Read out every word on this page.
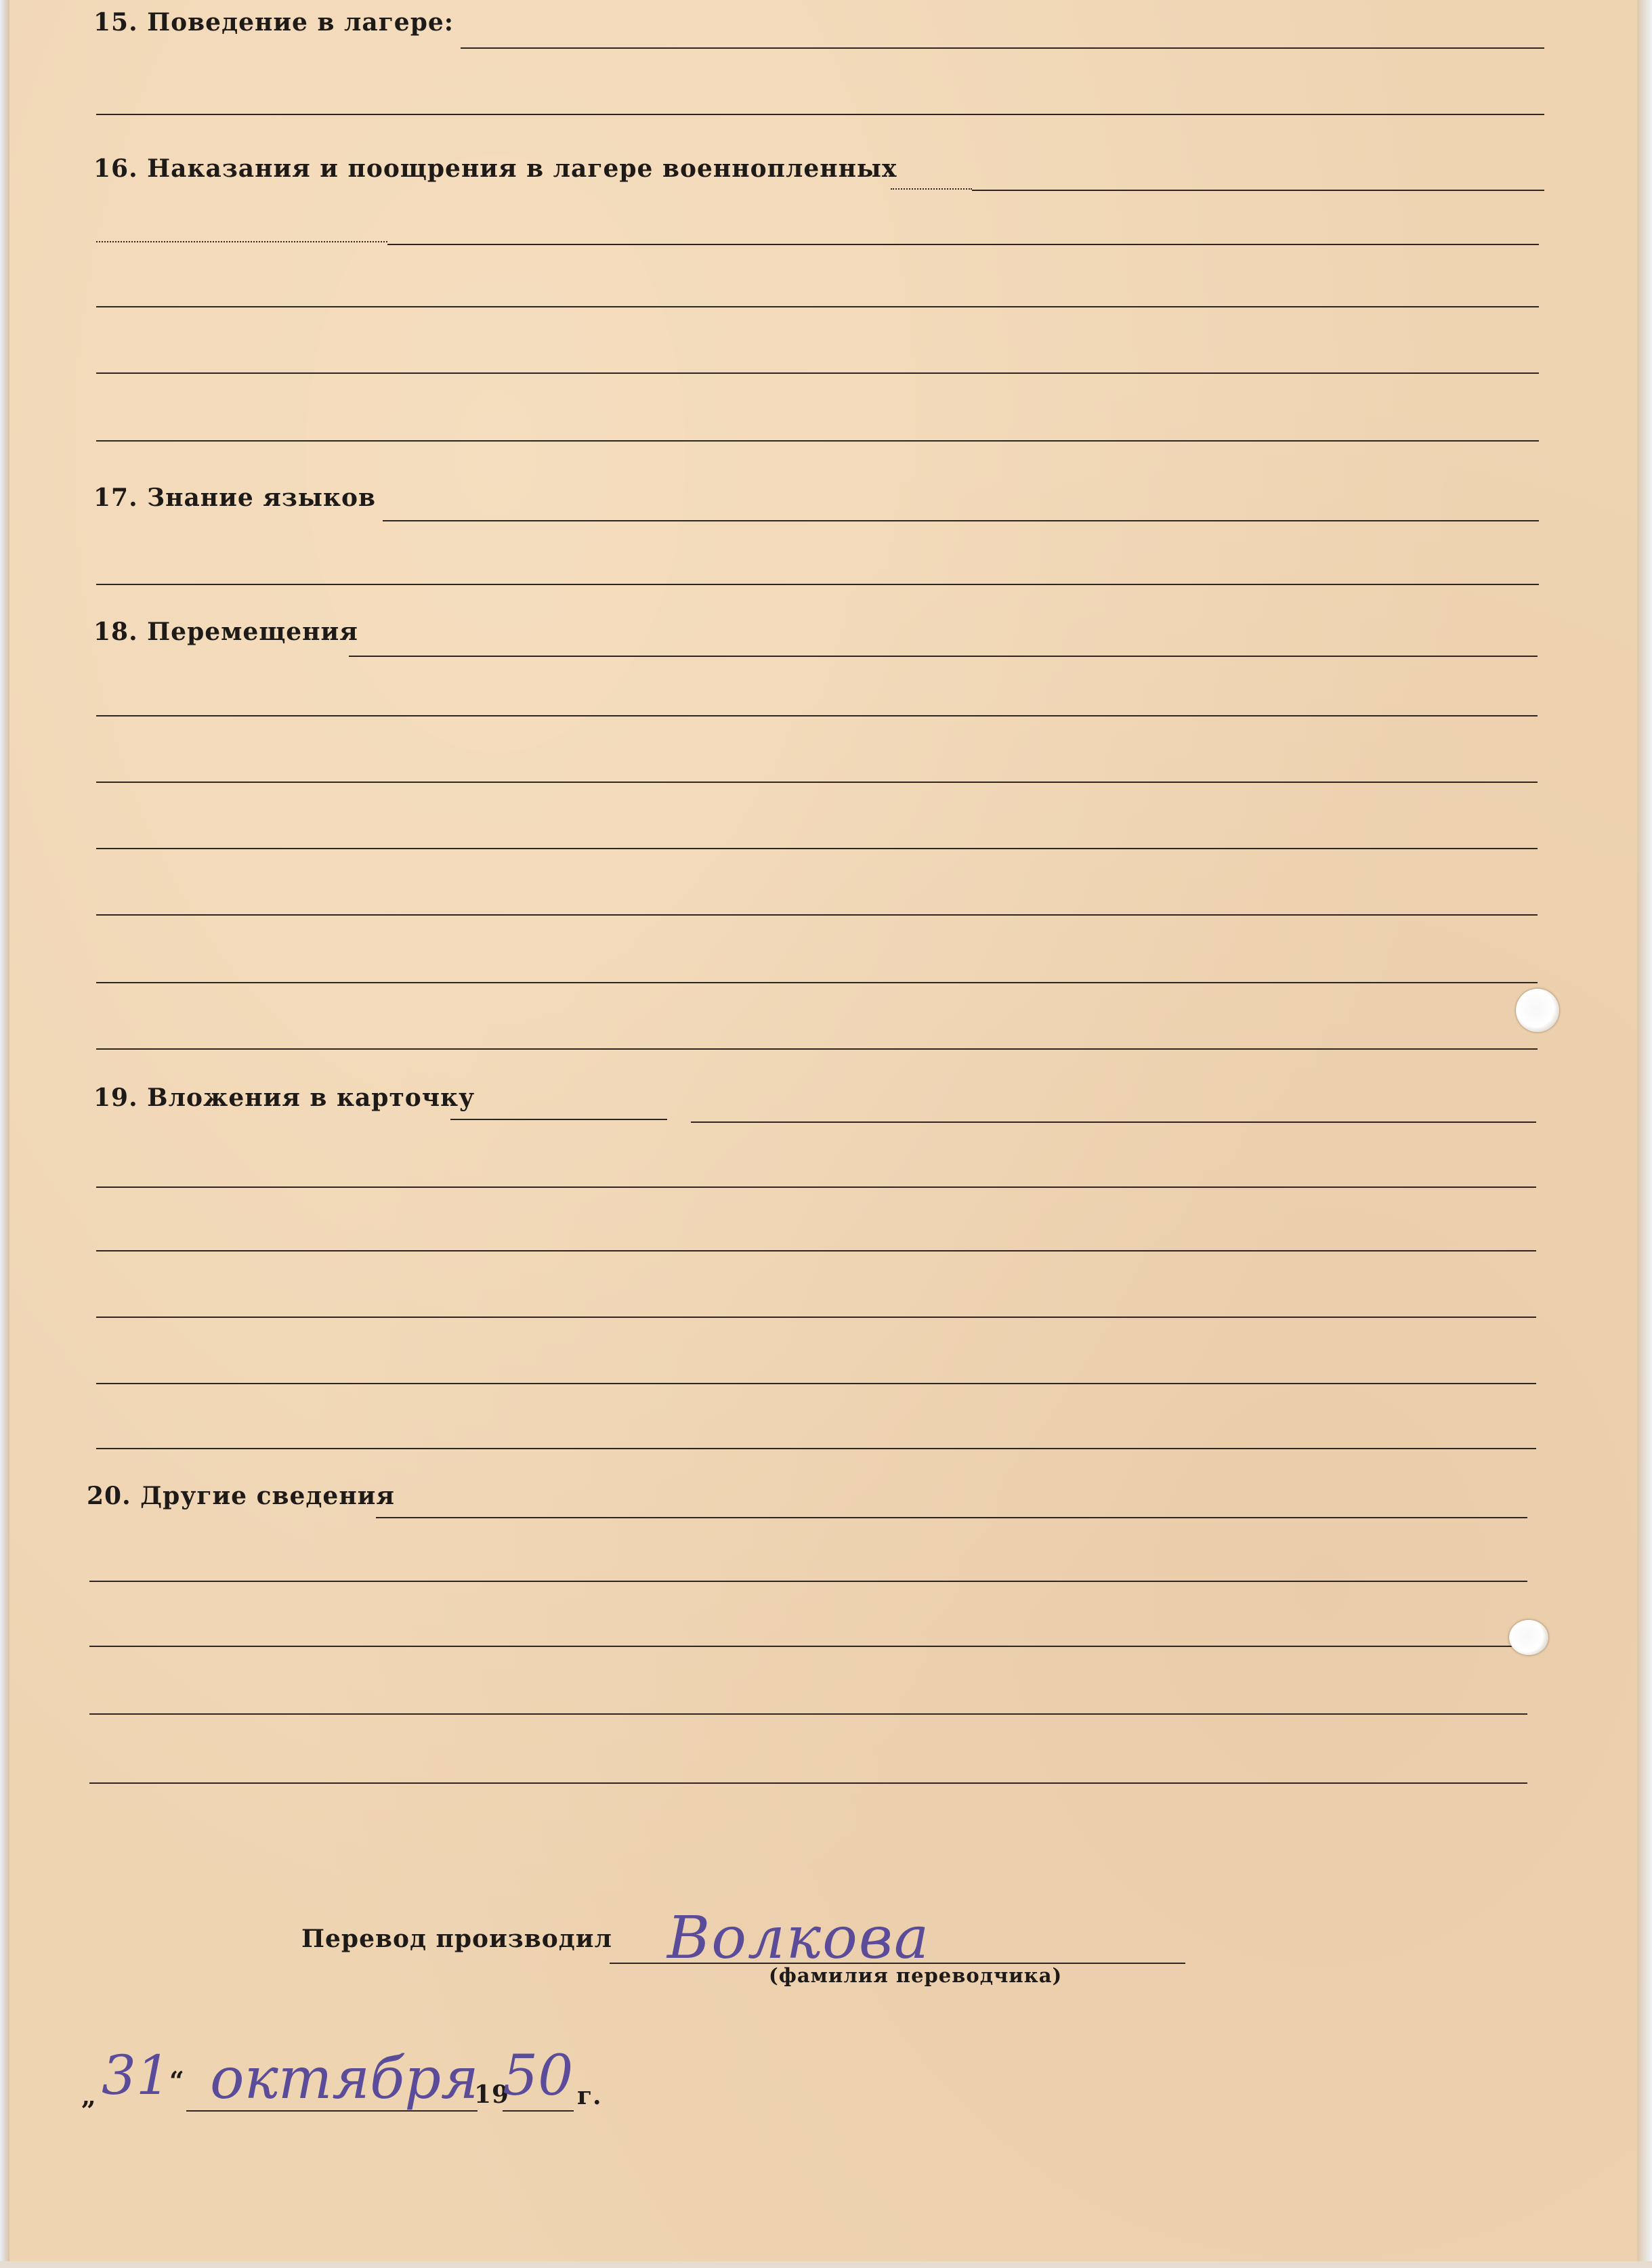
15. Поведение в лагере:

16. Наказания и поощрения в лагере военнопленных

17. Знание языков

18. Перемещения

19. Вложения в карточку

20. Другие сведения

Перевод производил Волкова

(фамилия переводчика)

„ 31

“ октября

19

50 г.
